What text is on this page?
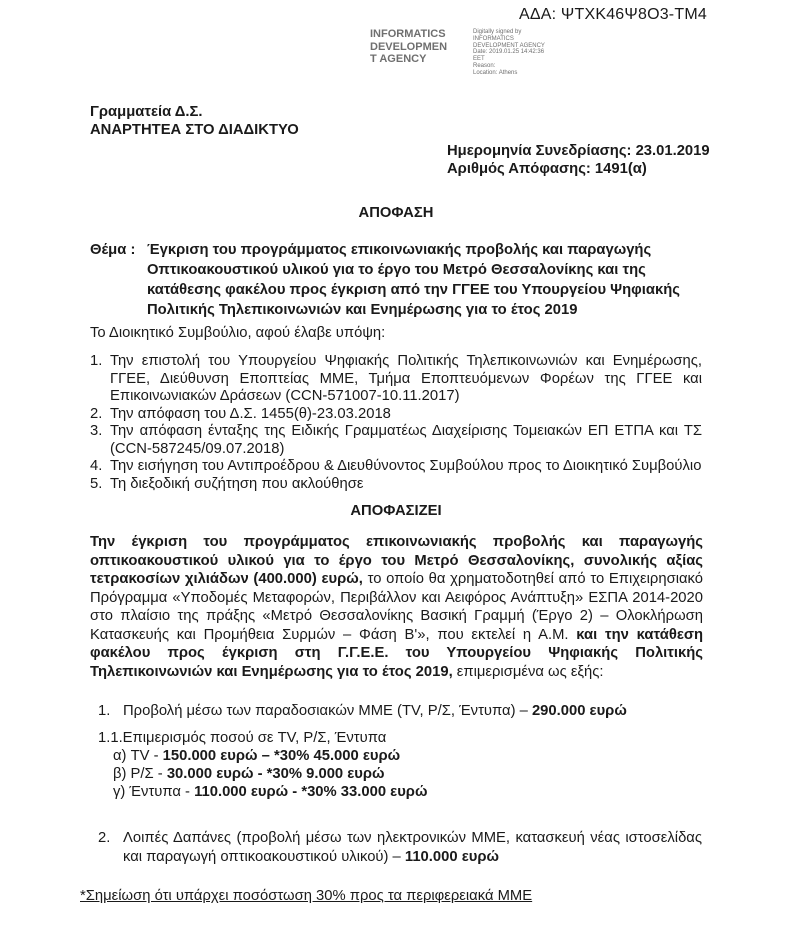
ΑΔΑ: ΨΤΧΚ46Ψ8Ο3-ΤΜ4
INFORMATICS
DEVELOPMEN
T AGENCY
Digitally signed by
INFORMATICS
DEVELOPMENT AGENCY
Date: 2019.01.25 14:42:36
EET
Reason:
Location: Athens
Γραμματεία Δ.Σ.
ΑΝΑΡΤΗΤΕΑ ΣΤΟ ΔΙΑΔΙΚΤΥΟ
Ημερομηνία Συνεδρίασης: 23.01.2019
Αριθμός Απόφασης: 1491(α)
ΑΠΟΦΑΣΗ
Θέμα : Έγκριση του προγράμματος επικοινωνιακής προβολής και παραγωγής
Οπτικοακουστικού υλικού για το έργο του Μετρό Θεσσαλονίκης και της
κατάθεσης φακέλου προς έγκριση από την ΓΓΕΕ του Υπουργείου Ψηφιακής
Πολιτικής Τηλεπικοινωνιών και Ενημέρωσης για το έτος 2019
Το Διοικητικό Συμβούλιο, αφού έλαβε υπόψη:
1. Την επιστολή του Υπουργείου Ψηφιακής Πολιτικής Τηλεπικοινωνιών και Ενημέρωσης, ΓΓΕΕ, Διεύθυνση Εποπτείας ΜΜΕ, Τμήμα Εποπτευόμενων Φορέων της ΓΓΕΕ και Επικοινωνιακών Δράσεων (CCN-571007-10.11.2017)
2. Την απόφαση του Δ.Σ. 1455(θ)-23.03.2018
3. Την απόφαση ένταξης της Ειδικής Γραμματέως Διαχείρισης Τομειακών ΕΠ ΕΤΠΑ και ΤΣ (CCN-587245/09.07.2018)
4. Την εισήγηση του Αντιπροέδρου & Διευθύνοντος Συμβούλου προς το Διοικητικό Συμβούλιο
5. Τη διεξοδική συζήτηση που ακλούθησε
ΑΠΟΦΑΣΙΖΕΙ

Την έγκριση του προγράμματος επικοινωνιακής προβολής και παραγωγής οπτικοακουστικού υλικού για το έργο του Μετρό Θεσσαλονίκης, συνολικής αξίας τετρακοσίων χιλιάδων (400.000) ευρώ, το οποίο θα χρηματοδοτηθεί από το Επιχειρησιακό Πρόγραμμα «Υποδομές Μεταφορών, Περιβάλλον και Αειφόρος Ανάπτυξη» ΕΣΠΑ 2014-2020 στο πλαίσιο της πράξης «Μετρό Θεσσαλονίκης Βασική Γραμμή (Έργο 2) – Ολοκλήρωση Κατασκευής και Προμήθεια Συρμών – Φάση Β'», που εκτελεί η Α.Μ. και την κατάθεση φακέλου προς έγκριση στη Γ.Γ.Ε.Ε. του Υπουργείου Ψηφιακής Πολιτικής Τηλεπικοινωνιών και Ενημέρωσης για το έτος 2019, επιμερισμένα ως εξής:

1. Προβολή μέσω των παραδοσιακών ΜΜΕ (TV, Ρ/Σ, Έντυπα) – 290.000 ευρώ
1.1.Επιμερισμός ποσού σε TV, Ρ/Σ, Έντυπα
α) TV - 150.000 ευρώ – *30% 45.000 ευρώ
β) Ρ/Σ - 30.000 ευρώ - *30% 9.000 ευρώ
γ) Έντυπα - 110.000 ευρώ - *30% 33.000 ευρώ
2. Λοιπές Δαπάνες (προβολή μέσω των ηλεκτρονικών ΜΜΕ, κατασκευή νέας ιστοσελίδας και παραγωγή οπτικοακουστικού υλικού) – 110.000 ευρώ
*Σημείωση ότι υπάρχει ποσόστωση 30% προς τα περιφερειακά ΜΜΕ
